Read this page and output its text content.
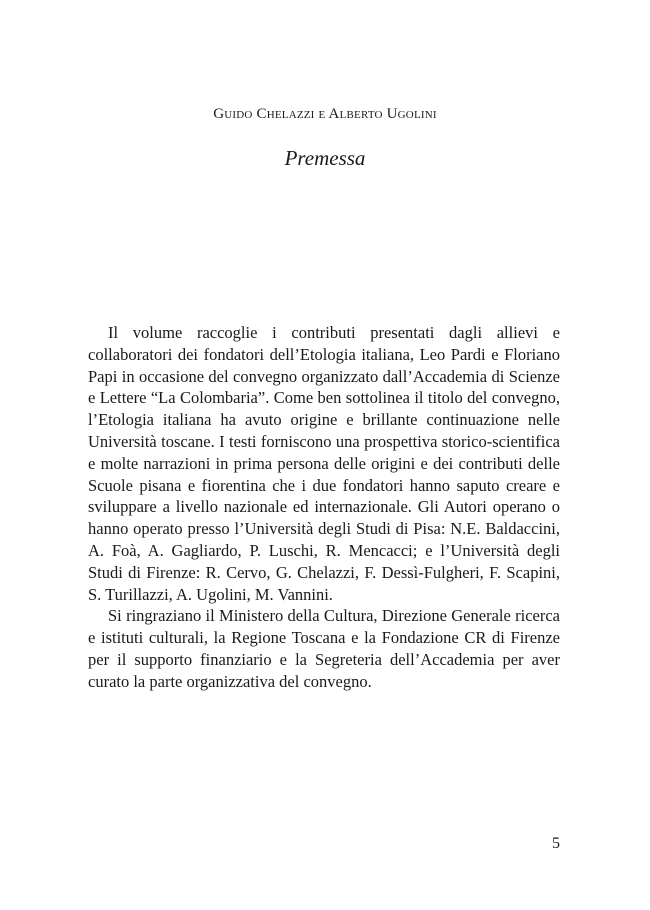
Guido Chelazzi e Alberto Ugolini
Premessa

Il volume raccoglie i contributi presentati dagli allievi e collaboratori dei fondatori dell’Etologia italiana, Leo Pardi e Floriano Papi in occasione del convegno organizzato dall’Accademia di Scienze e Lettere “La Colombaria”. Come ben sottolinea il titolo del convegno, l’Etologia italiana ha avuto origine e brillante continuazione nelle Università toscane. I testi forniscono una prospettiva storico-scientifica e molte narrazioni in prima persona delle origini e dei contributi delle Scuole pisana e fiorentina che i due fondatori hanno saputo creare e sviluppare a livello nazionale ed internazionale. Gli Autori operano o hanno operato presso l’Università degli Studi di Pisa: N.E. Baldaccini, A. Foà, A. Gagliardo, P. Luschi, R. Mencacci; e l’Università degli Studi di Firenze: R. Cervo, G. Chelazzi, F. Dessì-Fulgheri, F. Scapini, S. Turillazzi, A. Ugolini, M. Vannini.

Si ringraziano il Ministero della Cultura, Direzione Generale ricerca e istituti culturali, la Regione Toscana e la Fondazione CR di Firenze per il supporto finanziario e la Segreteria dell’Accademia per aver curato la parte organizzativa del convegno.

5
